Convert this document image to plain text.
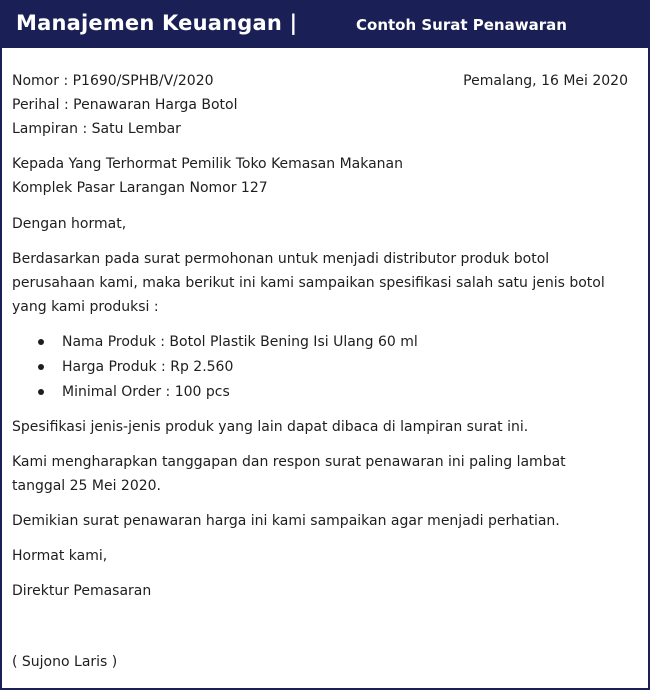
Manajemen Keuangan |	Contoh Surat Penawaran
Nomor : P1690/SPHB/V/2020	Pemalang, 16 Mei 2020
Perihal : Penawaran Harga Botol
Lampiran : Satu Lembar
Kepada Yang Terhormat Pemilik Toko Kemasan Makanan
Komplek Pasar Larangan Nomor 127
Dengan hormat,
Berdasarkan pada surat permohonan untuk menjadi distributor produk botol
perusahaan kami, maka berikut ini kami sampaikan spesifikasi salah satu jenis botol
yang kami produksi :
Nama Produk : Botol Plastik Bening Isi Ulang 60 ml
Harga Produk : Rp 2.560
Minimal Order : 100 pcs
Spesifikasi jenis-jenis produk yang lain dapat dibaca di lampiran surat ini.
Kami mengharapkan tanggapan dan respon surat penawaran ini paling lambat
tanggal 25 Mei 2020.
Demikian surat penawaran harga ini kami sampaikan agar menjadi perhatian.
Hormat kami,
Direktur Pemasaran
( Sujono Laris )
